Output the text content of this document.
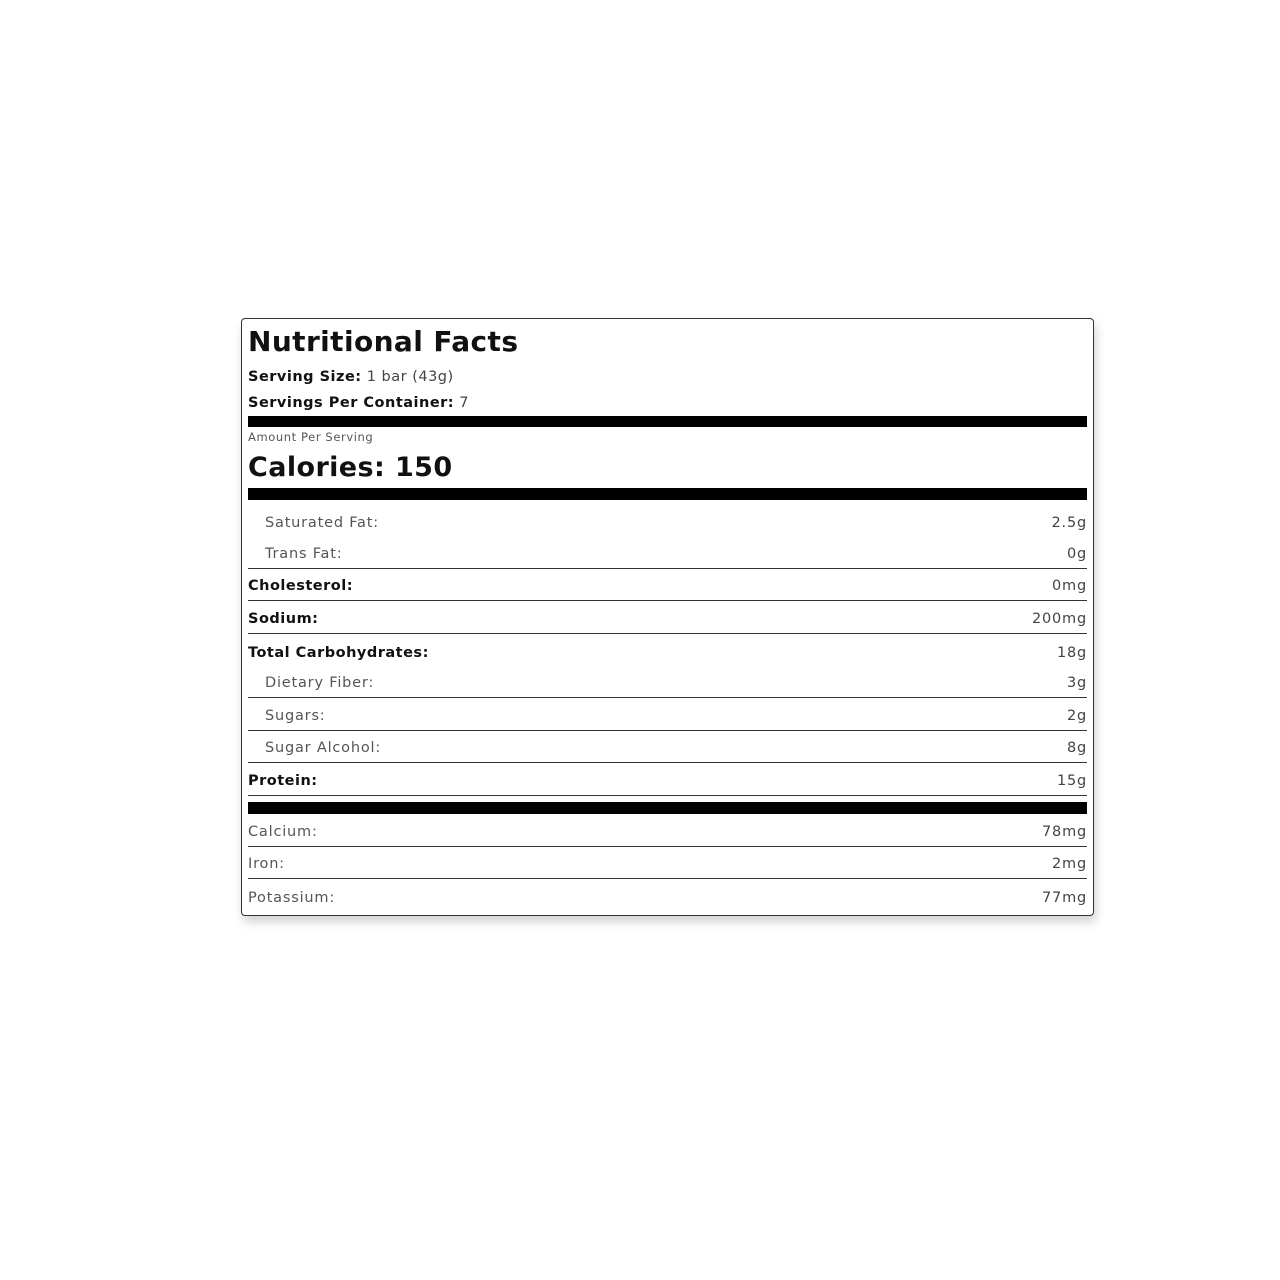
Nutritional Facts
Serving Size: 1 bar (43g)
Servings Per Container: 7
Amount Per Serving
Calories: 150
Saturated Fat:	2.5g
Trans Fat:	0g
Cholesterol:	0mg
Sodium:	200mg
Total Carbohydrates:	18g
Dietary Fiber:	3g
Sugars:	2g
Sugar Alcohol:	8g
Protein:	15g
Calcium:	78mg
Iron:	2mg
Potassium:	77mg
